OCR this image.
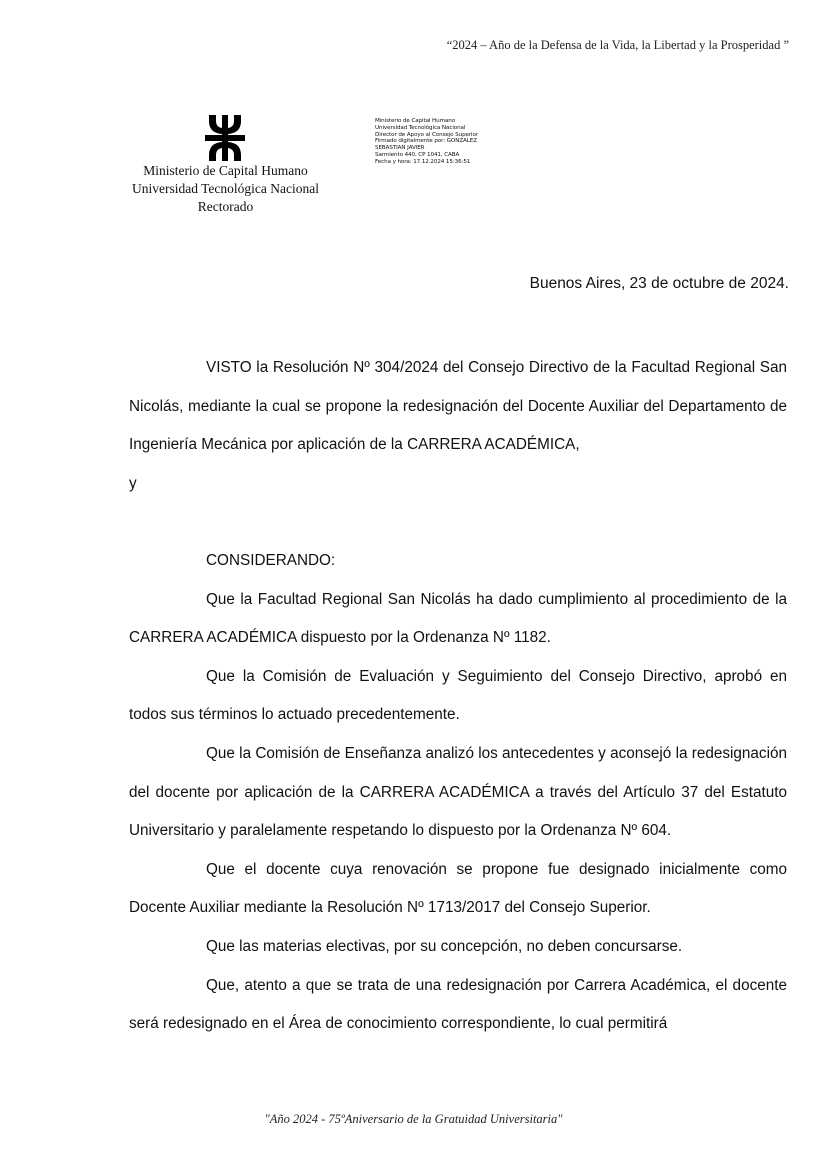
“2024 – Año de la Defensa de la Vida, la Libertad y la Prosperidad ”
Ministerio de Capital Humano
Universidad Tecnológica Nacional
Rectorado
Ministerio de Capital Humano
Universidad Tecnológica Nacional
Director de Apoyo al Consejo Superior
Firmado digitalmente por: GONZALEZ
SEBASTIAN JAVIER
Sarmiento 440, CP 1041, CABA
Fecha y hora: 17.12.2024 15:36:51
Buenos Aires, 23 de octubre de 2024.

VISTO la Resolución Nº 304/2024 del Consejo Directivo de la Facultad Regional San Nicolás, mediante la cual se propone la redesignación del Docente Auxiliar del Departamento de Ingeniería Mecánica por aplicación de la CARRERA ACADÉMICA,

y

CONSIDERANDO:

Que la Facultad Regional San Nicolás ha dado cumplimiento al procedimiento de la CARRERA ACADÉMICA dispuesto por la Ordenanza Nº 1182.

Que la Comisión de Evaluación y Seguimiento del Consejo Directivo, aprobó en todos sus términos lo actuado precedentemente.

Que la Comisión de Enseñanza analizó los antecedentes y aconsejó la redesignación del docente por aplicación de la CARRERA ACADÉMICA a través del Artículo 37 del Estatuto Universitario y paralelamente respetando lo dispuesto por la Ordenanza Nº 604.

Que el docente cuya renovación se propone fue designado inicialmente como Docente Auxiliar mediante la Resolución Nº 1713/2017 del Consejo Superior.

Que las materias electivas, por su concepción, no deben concursarse.

Que, atento a que se trata de una redesignación por Carrera Académica, el docente será redesignado en el Área de conocimiento correspondiente, lo cual permitirá

"Año 2024 - 75ºAniversario de la Gratuidad Universitaria"
